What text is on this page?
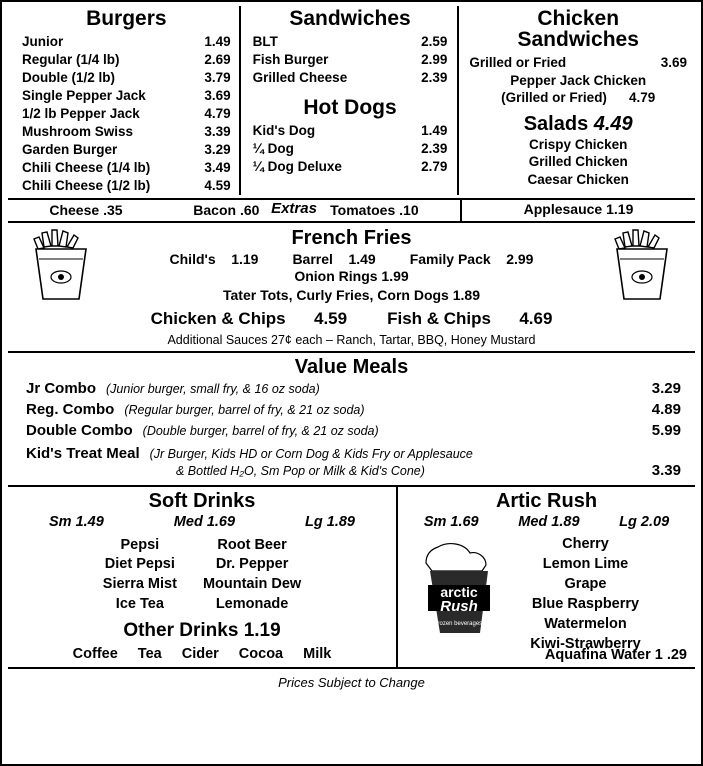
Burgers
Junior	1.49
Regular (1/4 lb)	2.69
Double (1/2 lb)	3.79
Single Pepper Jack	3.69
1/2 lb Pepper Jack	4.79
Mushroom Swiss	3.39
Garden Burger	3.29
Chili Cheese (1/4 lb)	3.49
Chili Cheese (1/2 lb)	4.59
Sandwiches
BLT	2.59
Fish Burger	2.99
Grilled Cheese	2.39
Hot Dogs
Kid's Dog	1.49
¼ Dog	2.39
¼ Dog Deluxe	2.79
Chicken
Sandwiches
Grilled or Fried	3.69
Pepper Jack Chicken
(Grilled or Fried) 4.79
Salads 4.49
Crispy Chicken
Grilled Chicken
Caesar Chicken
Extras
Cheese .35	Bacon .60	Tomatoes .10	Applesauce 1.19
French Fries
Child's 1.19 Barrel 1.49 Family Pack 2.99
Onion Rings 1.99
Tater Tots, Curly Fries, Corn Dogs 1.89
Chicken & Chips 4.59 Fish & Chips 4.69
Additional Sauces 27¢ each – Ranch, Tartar, BBQ, Honey Mustard
Value Meals
Jr Combo (Junior burger, small fry, & 16 oz soda)	3.29
Reg. Combo (Regular burger, barrel of fry, & 21 oz soda)	4.89
Double Combo (Double burger, barrel of fry, & 21 oz soda)	5.99
Kid's Treat Meal (Jr Burger, Kids HD or Corn Dog & Kids Fry or Applesauce
& Bottled H₂O, Sm Pop or Milk & Kid's Cone)	3.39
Soft Drinks
Sm 1.49	Med 1.69	Lg 1.89
Pepsi
Diet Pepsi
Sierra Mist
Ice Tea
Root Beer
Dr. Pepper
Mountain Dew
Lemonade
Other Drinks 1.19
Coffee Tea Cider Cocoa Milk
Artic Rush
Sm 1.69	Med 1.89	Lg 2.09
arctic
Rush
frozen beverages
Cherry
Lemon Lime
Grape
Blue Raspberry
Watermelon
Kiwi-Strawberry
Aquafina Water 1 .29
Prices Subject to Change
